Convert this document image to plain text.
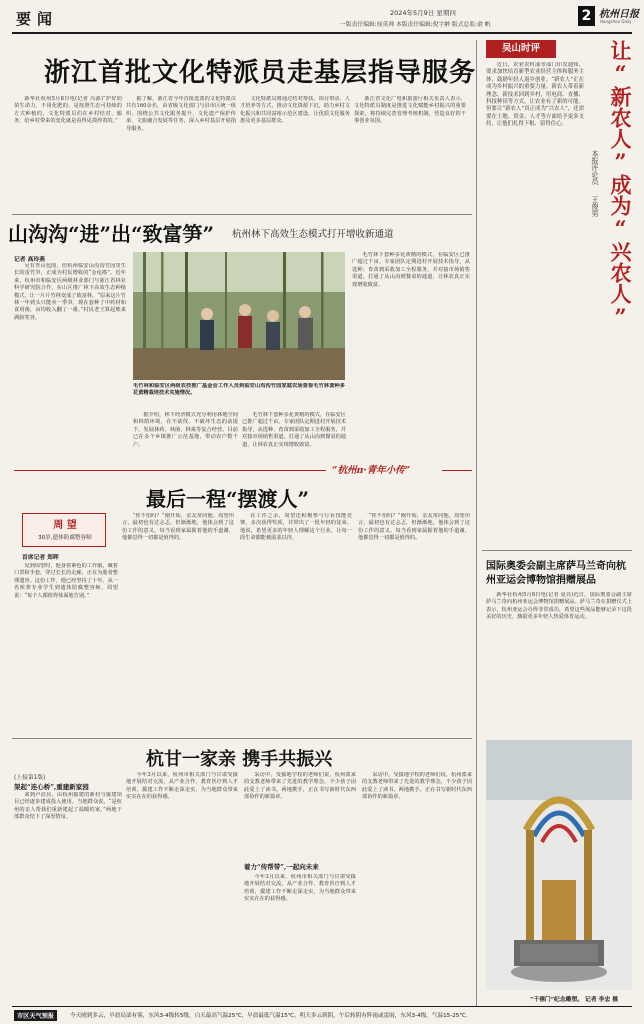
要闻	2024年5月9日 星期四
一版责任编辑:侯英帅 本版责任编辑:倪宇翀 版式总监:俞 帆
2 杭州日报
Hangzhou Daily
浙江首批文化特派员走基层指导服务
新华社杭州5月8日电(记者 冯源)“护好幼苗生命力，不用化肥的，是按照生态可持续的方式种植的，文化特派员们在乡村结对、服务，给乡村带来的变化就是看得见摸得着的。”
据了解，浙江省今年首批选派的文化特派员共有160余名，由省级文化部门与县市区统一组织，围绕公共文化服务提升、文化遗产保护传承、文旅融合发展等任务，深入乡村基层开展指导服务。
文化特派员将通过结对帮扶、项目带动、人才培养等方式，推动文化资源下沉，助力乡村文化振兴和共同富裕示范区建设，让优质文化服务惠及更多基层群众。
浙江省文化广电和旅游厅相关负责人表示，文化特派员制度是推进文化赋能乡村振兴的重要探索，将持续完善管理考核机制，营造良好的干事创业氛围。
山沟沟“进”出“致富笋” 杭州林下高效生态模式打开增收新通道
记者 高玲燕
吴有青山包围，但杭州临安山沟沟竹园里生长的雷竹笋，正成为村民增收的“金疙瘩”。近年来，杭州市和临安区两级林业部门与浙江省林业科学研究院合作，在山区推广林下高效生态种植模式，让一片片竹林变成了致富林。“原来这片竹林一年到头只能卖一季笋，现在套种了中药材和食用菌，亩均收入翻了一番。”村民老王算起账来满脸笑容。
毛竹林和临安区两级农技推广基金会工作人员到临安山沟沟竹园家庭农场查看毛竹林套种多花黄精栽培技术实施情况。
据介绍，林下经济模式充分利用林地空间和林荫环境，在不砍伐、不破坏生态的前提下，发展林药、林菌、林禽等复合经营。目前已在多个乡镇推广示范基地，带动农户数千户。
毛竹林下套种多花黄精的模式，在临安区已推广超过千亩。专家团队定期进村开展技术指导，从选种、育苗到采收加工全程服务，并对接市场销售渠道，打通了从山沟到餐桌的通道，让林农真正实现增收致富。
毛竹林下套种多花黄精的模式，在临安区已推广超过千亩。专家团队定期进村开展技术指导，从选种、育苗到采收加工全程服务，并对接市场销售渠道，打通了从山沟到餐桌的通道，让林农真正实现增收致富。
“杭州π·青年小传”
最后一程“摆渡人”
周 望
30岁,遗体防腐整容师
首席记者 郑晖
见到周望时，他身着素色的工作服，戴着口罩和手套，穿过长长的走廊，正在为逝者整理遗容。这份工作，他已经坚持了十年。从一名殡葬专业学生到遗体防腐整容师，周望说：“每个人都值得体面地告别。”
“你不怕吗？”刚开始，亲友常问他。周望坦言，最初也有过忐忑，但渐渐地，他体会到了这份工作的意义。每当看到家属握着他的手道谢，他都觉得一切都是值得的。
在工作之余，周望还积极参与行业技能竞赛，多次获得奖项，并带出了一批年轻的徒弟。他说，希望更多的年轻人理解这个行业，让每一段生命都能被温柔以待。
“你不怕吗？”刚开始，亲友常问他。周望坦言，最初也有过忐忑，但渐渐地，他体会到了这份工作的意义。每当看到家属握着他的手道谢，他都觉得一切都是值得的。
杭甘一家亲 携手共振兴
(上接第1版)
架起“连心桥”,重建新家园
来到卢沿县，由杭州援建的新村与援建项目已经逐步建成投入使用。当地群众说，“是杭州的亲人帮我们重新建起了温暖的家。”两地干部群众结下了深厚情谊。
今年3月以来，杭州市相关部门与甘肃受援地开展结对交流，从产业合作、教育医疗到人才培训，援建工作不断走深走实，为当地群众带来实实在在的获得感。
着力“传帮带”,一起向未来
采访中，受援地学校的老师们说，杭州派来的支教老师带来了先进的教学理念，不少孩子因此爱上了读书。两地携手，正在书写新时代东西部协作的新篇章。
今年3月以来，杭州市相关部门与甘肃受援地开展结对交流，从产业合作、教育医疗到人才培训，援建工作不断走深走实，为当地群众带来实实在在的获得感。
采访中，受援地学校的老师们说，杭州派来的支教老师带来了先进的教学理念，不少孩子因此爱上了读书。两地携手，正在书写新时代东西部协作的新篇章。
吴山时评	让“新农人”成为“兴农人”
本报评论员
王俊男
近日，农业农村部等部门印发通知，要求加快培育新型农业经营主体和服务主体，鼓励年轻人返乡创业。“新农人”正在成为乡村振兴的重要力量。新农人带着新理念、新技术回到乡村，用电商、直播、科技种田等方式，让农业有了新的可能。但要让“新农人”真正成为“兴农人”，还需要在土地、资金、人才等方面给予更多支持，让他们扎得下根、留得住心。
国际奥委会副主席萨马兰奇向杭州亚运会博物馆捐赠展品
新华社杭州5月8日电(记者 夏亮)近日，国际奥委会副主席萨马兰奇向杭州亚运会博物馆捐赠展品。萨马兰奇在捐赠仪式上表示，杭州亚运会办得非常成功，希望这些展品能够记录下这段美好的历史，激励更多年轻人热爱体育运动。
“千禧门”纪念雕塑。 记者 李忠 摄
市区天气预报	今天晴到多云，早晨局部有雾，东风3-4级转5级，白天最高气温25℃，早晨最低气温15℃。明天多云到阴，午后转阴有阵雨或雷雨，东风3-4级，气温15-25℃。
